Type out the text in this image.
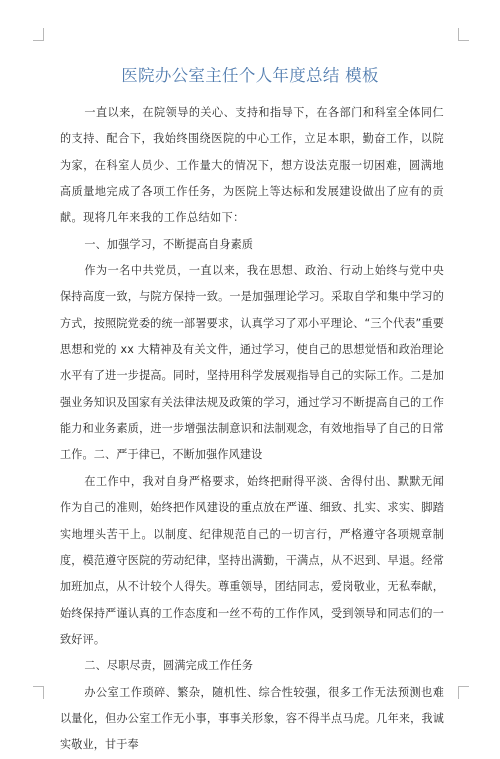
医院办公室主任个人年度总结 模板

一直以来，在院领导的关心、支持和指导下，在各部门和科室全体同仁的支持、配合下，我始终围绕医院的中心工作，立足本职，勤奋工作，以院为家，在科室人员少、工作量大的情况下，想方设法克服一切困难，圆满地高质量地完成了各项工作任务，为医院上等达标和发展建设做出了应有的贡献。现将几年来我的工作总结如下：

一、加强学习，不断提高自身素质

作为一名中共党员，一直以来，我在思想、政治、行动上始终与党中央保持高度一致，与院方保持一致。一是加强理论学习。采取自学和集中学习的方式，按照院党委的统一部署要求，认真学习了邓小平理论、“三个代表”重要思想和党的 xx 大精神及有关文件，通过学习，使自己的思想觉悟和政治理论水平有了进一步提高。同时，坚持用科学发展观指导自己的实际工作。二是加强业务知识及国家有关法律法规及政策的学习，通过学习不断提高自己的工作能力和业务素质，进一步增强法制意识和法制观念，有效地指导了自己的日常工作。二、严于律已，不断加强作风建设

在工作中，我对自身严格要求，始终把耐得平淡、舍得付出、默默无闻作为自己的准则，始终把作风建设的重点放在严谨、细致、扎实、求实、脚踏实地埋头苦干上。以制度、纪律规范自己的一切言行，严格遵守各项规章制度，模范遵守医院的劳动纪律，坚持出满勤，干满点，从不迟到、早退。经常加班加点，从不计较个人得失。尊重领导，团结同志，爱岗敬业，无私奉献，始终保持严谨认真的工作态度和一丝不苟的工作作风，受到领导和同志们的一致好评。

二、尽职尽责，圆满完成工作任务

办公室工作琐碎、繁杂，随机性、综合性较强，很多工作无法预测也难以量化，但办公室工作无小事，事事关形象，容不得半点马虎。几年来，我诚实敬业，甘于奉
